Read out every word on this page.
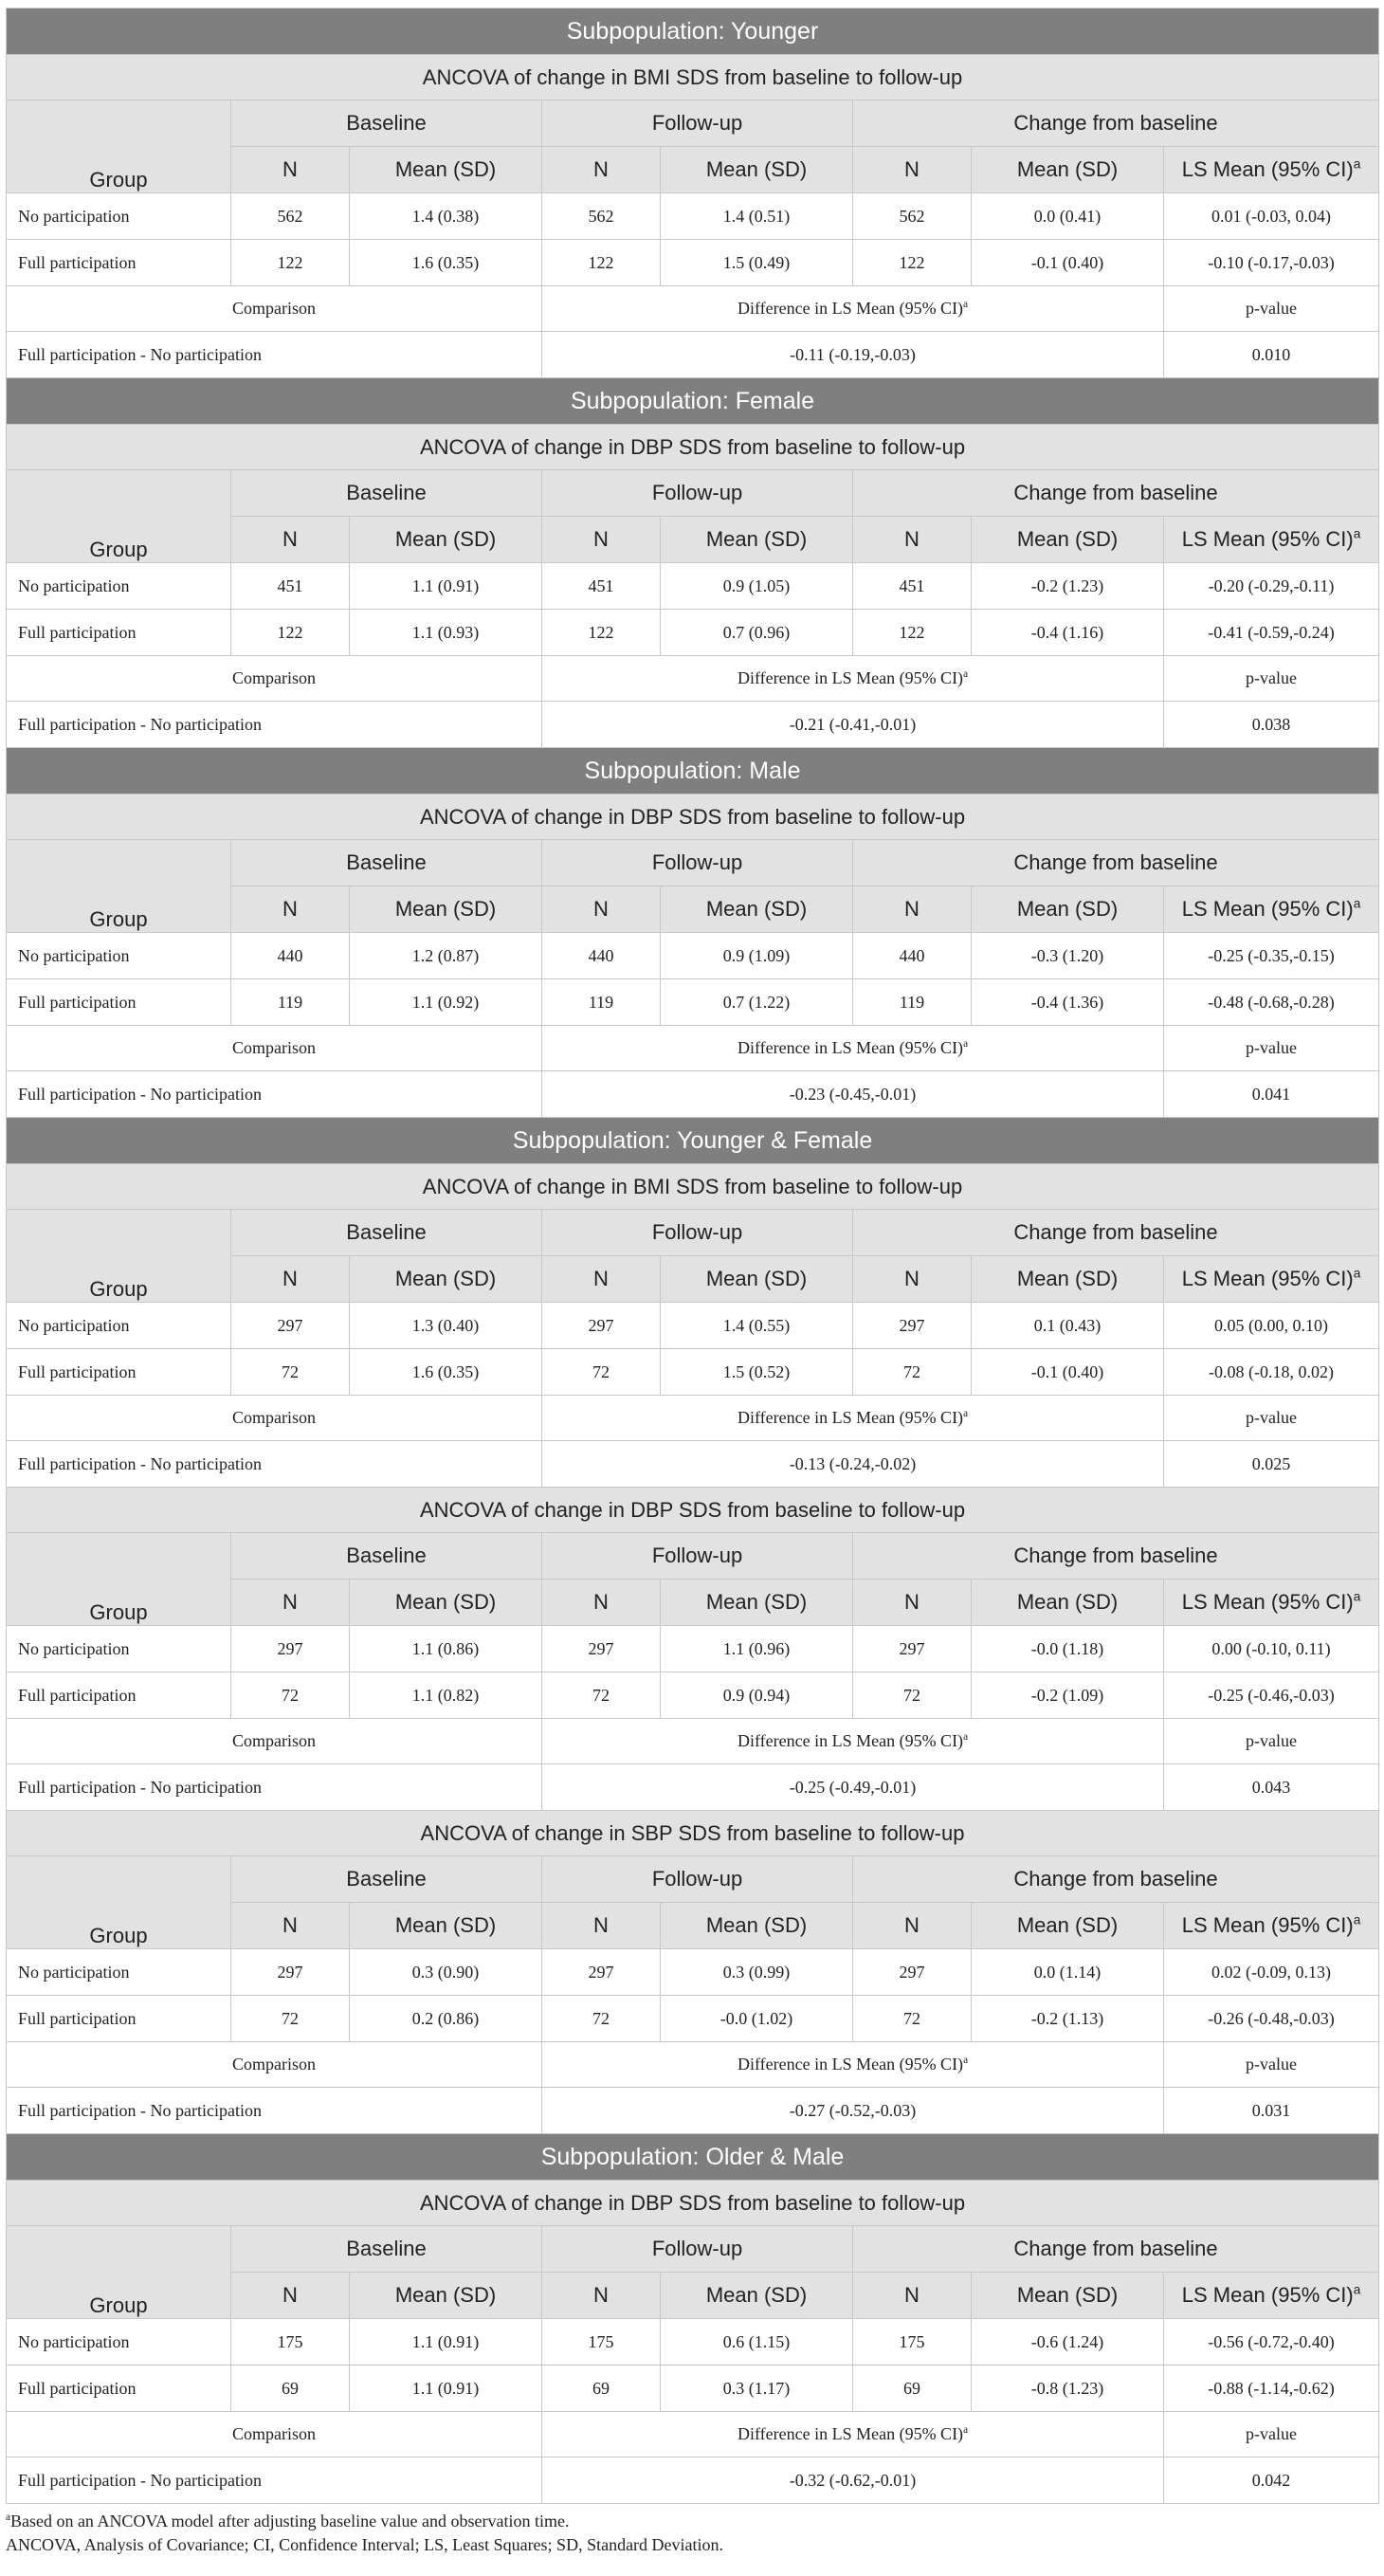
Subpopulation: Younger							
ANCOVA of change in BMI SDS from baseline to follow-up							
Group	Baseline		Follow-up		Change from baseline		
	N	Mean (SD)	N	Mean (SD)	N	Mean (SD)	LS Mean (95% CI)$^a$
No participation	562	1.4 (0.38)	562	1.4 (0.51)	562	0.0 (0.41)	0.01 (-0.03, 0.04)
Full participation	122	1.6 (0.35)	122	1.5 (0.49)	122	-0.1 (0.40)	-0.10 (-0.17,-0.03)
Comparison			Difference in LS Mean (95% CI)$^a$				p-value
Full participation - No participation			-0.11 (-0.19,-0.03)				0.010
Subpopulation: Female							
ANCOVA of change in DBP SDS from baseline to follow-up							
Group	Baseline		Follow-up		Change from baseline		
	N	Mean (SD)	N	Mean (SD)	N	Mean (SD)	LS Mean (95% CI)$^a$
No participation	451	1.1 (0.91)	451	0.9 (1.05)	451	-0.2 (1.23)	-0.20 (-0.29,-0.11)
Full participation	122	1.1 (0.93)	122	0.7 (0.96)	122	-0.4 (1.16)	-0.41 (-0.59,-0.24)
Comparison			Difference in LS Mean (95% CI)$^a$				p-value
Full participation - No participation			-0.21 (-0.41,-0.01)				0.038
Subpopulation: Male							
ANCOVA of change in DBP SDS from baseline to follow-up							
Group	Baseline		Follow-up		Change from baseline		
	N	Mean (SD)	N	Mean (SD)	N	Mean (SD)	LS Mean (95% CI)$^a$
No participation	440	1.2 (0.87)	440	0.9 (1.09)	440	-0.3 (1.20)	-0.25 (-0.35,-0.15)
Full participation	119	1.1 (0.92)	119	0.7 (1.22)	119	-0.4 (1.36)	-0.48 (-0.68,-0.28)
Comparison			Difference in LS Mean (95% CI)$^a$				p-value
Full participation - No participation			-0.23 (-0.45,-0.01)				0.041
Subpopulation: Younger & Female							
ANCOVA of change in BMI SDS from baseline to follow-up							
Group	Baseline		Follow-up		Change from baseline		
	N	Mean (SD)	N	Mean (SD)	N	Mean (SD)	LS Mean (95% CI)$^a$
No participation	297	1.3 (0.40)	297	1.4 (0.55)	297	0.1 (0.43)	0.05 (0.00, 0.10)
Full participation	72	1.6 (0.35)	72	1.5 (0.52)	72	-0.1 (0.40)	-0.08 (-0.18, 0.02)
Comparison			Difference in LS Mean (95% CI)$^a$				p-value
Full participation - No participation			-0.13 (-0.24,-0.02)				0.025
ANCOVA of change in DBP SDS from baseline to follow-up							
Group	Baseline		Follow-up		Change from baseline		
	N	Mean (SD)	N	Mean (SD)	N	Mean (SD)	LS Mean (95% CI)$^a$
No participation	297	1.1 (0.86)	297	1.1 (0.96)	297	-0.0 (1.18)	0.00 (-0.10, 0.11)
Full participation	72	1.1 (0.82)	72	0.9 (0.94)	72	-0.2 (1.09)	-0.25 (-0.46,-0.03)
Comparison			Difference in LS Mean (95% CI)$^a$				p-value
Full participation - No participation			-0.25 (-0.49,-0.01)				0.043
ANCOVA of change in SBP SDS from baseline to follow-up							
Group	Baseline		Follow-up		Change from baseline		
	N	Mean (SD)	N	Mean (SD)	N	Mean (SD)	LS Mean (95% CI)$^a$
No participation	297	0.3 (0.90)	297	0.3 (0.99)	297	0.0 (1.14)	0.02 (-0.09, 0.13)
Full participation	72	0.2 (0.86)	72	-0.0 (1.02)	72	-0.2 (1.13)	-0.26 (-0.48,-0.03)
Comparison			Difference in LS Mean (95% CI)$^a$				p-value
Full participation - No participation			-0.27 (-0.52,-0.03)				0.031
Subpopulation: Older & Male							
ANCOVA of change in DBP SDS from baseline to follow-up							
Group	Baseline		Follow-up		Change from baseline		
	N	Mean (SD)	N	Mean (SD)	N	Mean (SD)	LS Mean (95% CI)$^a$
No participation	175	1.1 (0.91)	175	0.6 (1.15)	175	-0.6 (1.24)	-0.56 (-0.72,-0.40)
Full participation	69	1.1 (0.91)	69	0.3 (1.17)	69	-0.8 (1.23)	-0.88 (-1.14,-0.62)
Comparison			Difference in LS Mean (95% CI)$^a$				p-value
Full participation - No participation			-0.32 (-0.62,-0.01)				0.042
$^a$Based on an ANCOVA model after adjusting baseline value and observation time.
ANCOVA, Analysis of Covariance; CI, Confidence Interval; LS, Least Squares; SD, Standard Deviation.
